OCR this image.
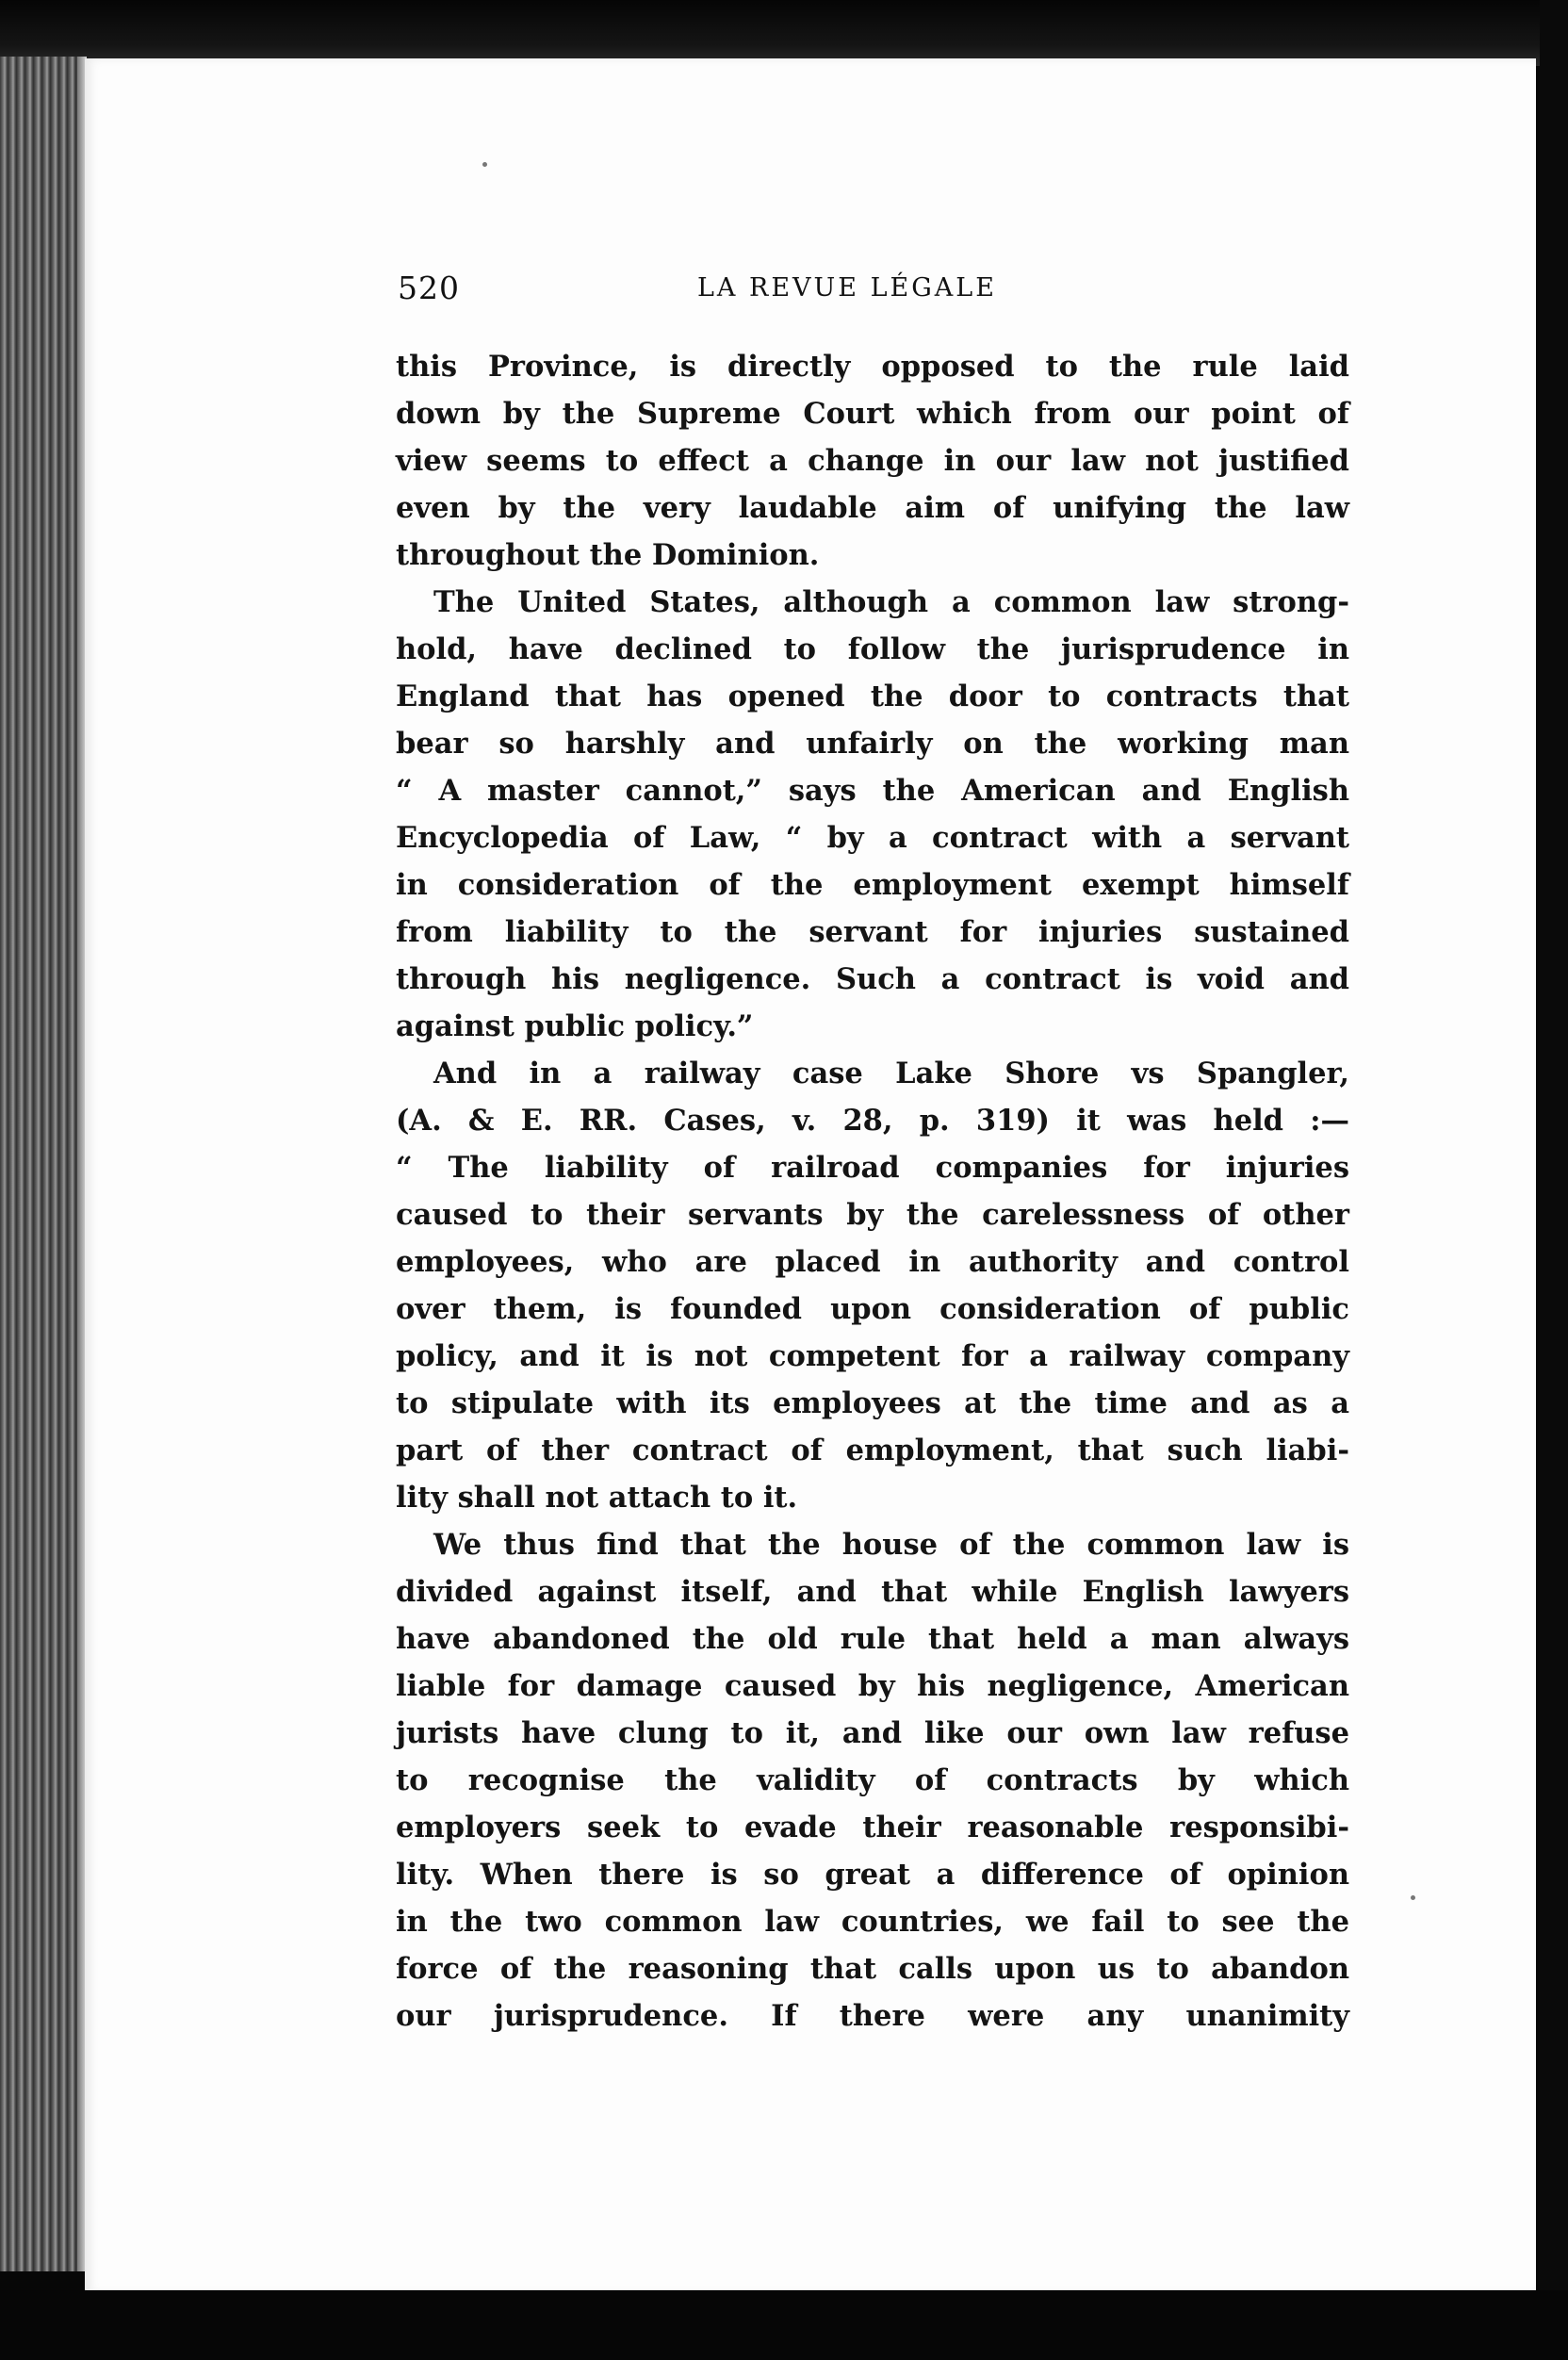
520	LA REVUE LÉGALE
this Province, is directly opposed to the rule laid
down by the Supreme Court which from our point of
view seems to effect a change in our law not justified
even by the very laudable aim of unifying the law
throughout the Dominion.
The United States, although a common law strong-
hold, have declined to follow the jurisprudence in
England that has opened the door to contracts that
bear so harshly and unfairly on the working man
“ A master cannot,” says the American and English
Encyclopedia of Law, “ by a contract with a servant
in consideration of the employment exempt himself
from liability to the servant for injuries sustained
through his negligence. Such a contract is void and
against public policy.”
And in a railway case Lake Shore vs Spangler,
(A. & E. RR. Cases, v. 28, p. 319) it was held :—
“ The liability of railroad companies for injuries
caused to their servants by the carelessness of other
employees, who are placed in authority and control
over them, is founded upon consideration of public
policy, and it is not competent for a railway company
to stipulate with its employees at the time and as a
part of ther contract of employment, that such liabi-
lity shall not attach to it.
We thus find that the house of the common law is
divided against itself, and that while English lawyers
have abandoned the old rule that held a man always
liable for damage caused by his negligence, American
jurists have clung to it, and like our own law refuse
to recognise the validity of contracts by which
employers seek to evade their reasonable responsibi-
lity. When there is so great a difference of opinion
in the two common law countries, we fail to see the
force of the reasoning that calls upon us to abandon
our jurisprudence. If there were any unanimity
